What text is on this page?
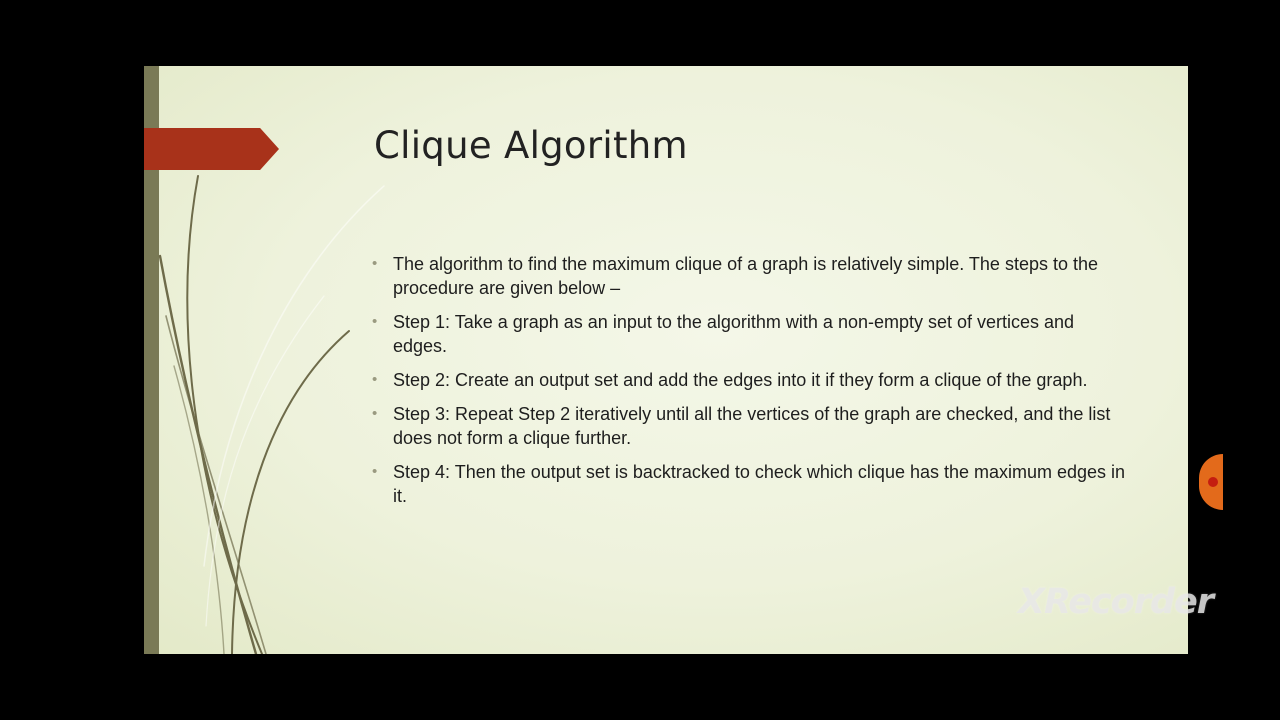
Clique Algorithm
• The algorithm to find the maximum clique of a graph is relatively simple. The steps to the procedure are given below –
• Step 1: Take a graph as an input to the algorithm with a non-empty set of vertices and edges.
• Step 2: Create an output set and add the edges into it if they form a clique of the graph.
• Step 3: Repeat Step 2 iteratively until all the vertices of the graph are checked, and the list does not form a clique further.
• Step 4: Then the output set is backtracked to check which clique has the maximum edges in it.
XRecorder
